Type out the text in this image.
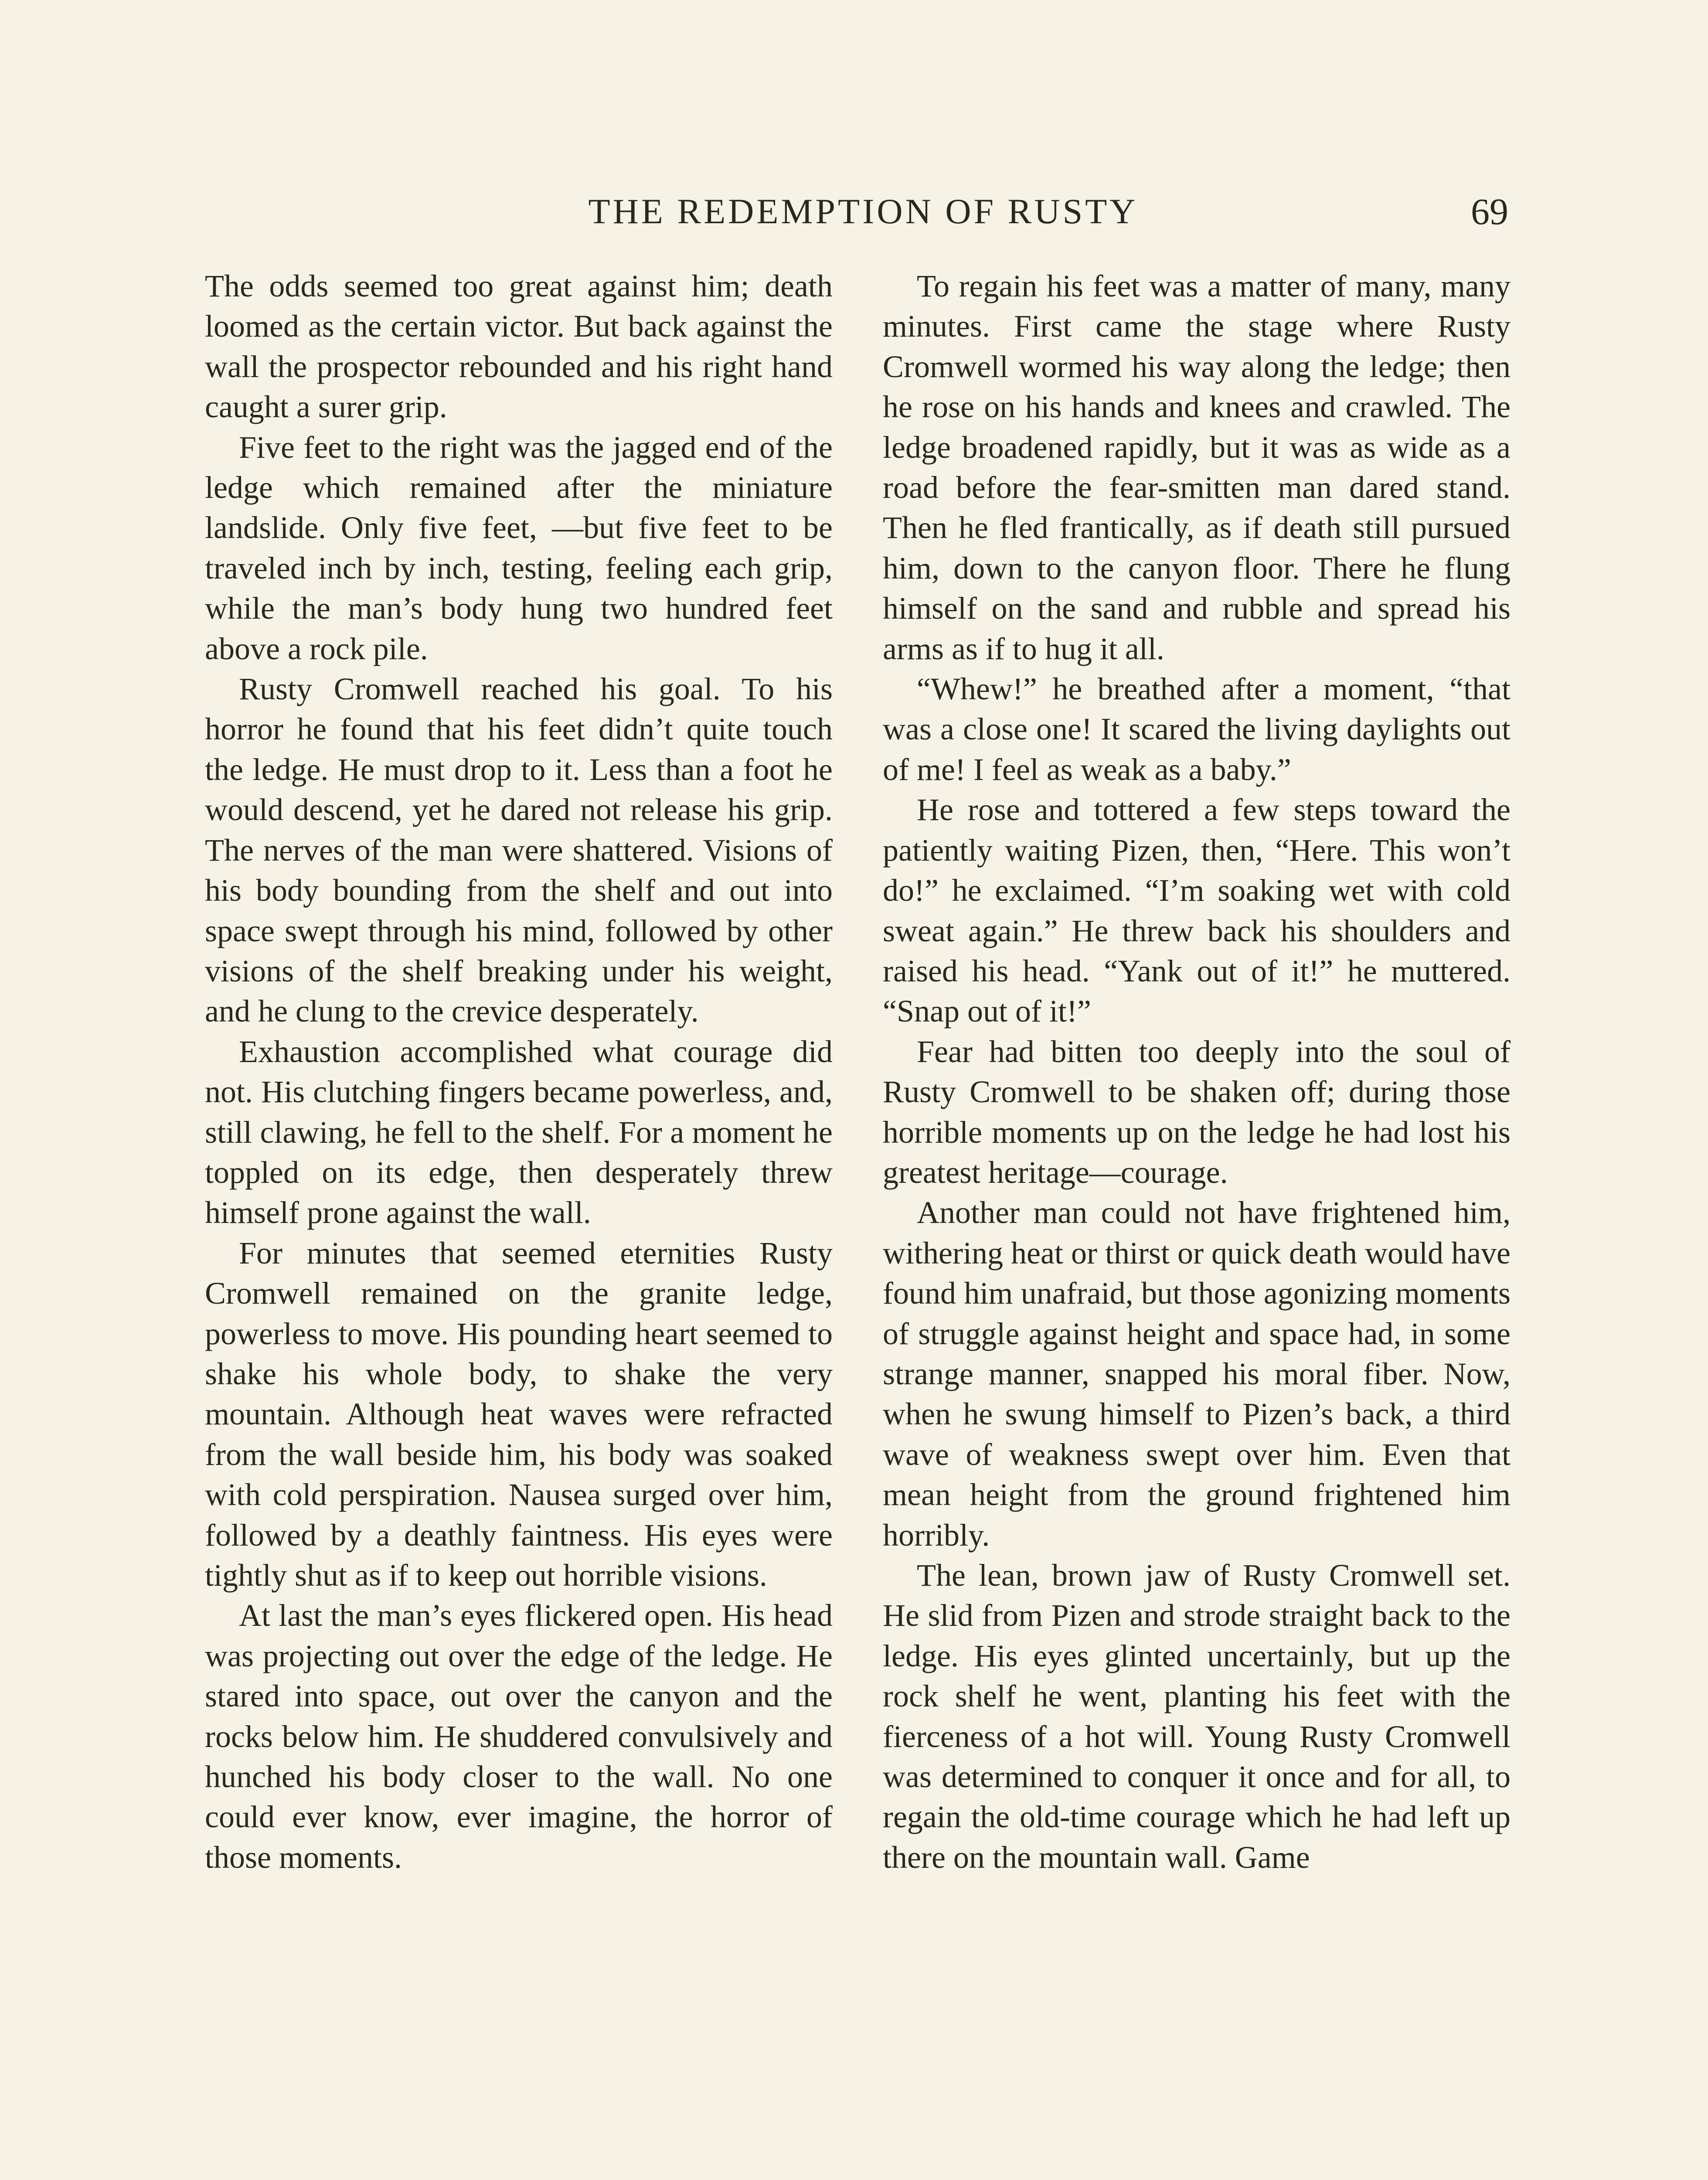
THE REDEMPTION OF RUSTY	69

The odds seemed too great against him; death loomed as the certain victor. But back against the wall the prospector rebounded and his right hand caught a surer grip.

Five feet to the right was the jagged end of the ledge which remained after the miniature landslide. Only five feet, —but five feet to be traveled inch by inch, testing, feeling each grip, while the man’s body hung two hundred feet above a rock pile.

Rusty Cromwell reached his goal. To his horror he found that his feet didn’t quite touch the ledge. He must drop to it. Less than a foot he would descend, yet he dared not release his grip. The nerves of the man were shattered. Visions of his body bounding from the shelf and out into space swept through his mind, followed by other visions of the shelf breaking under his weight, and he clung to the crevice desperately.

Exhaustion accomplished what courage did not. His clutching fingers became powerless, and, still clawing, he fell to the shelf. For a moment he toppled on its edge, then desperately threw himself prone against the wall.

For minutes that seemed eternities Rusty Cromwell remained on the granite ledge, powerless to move. His pounding heart seemed to shake his whole body, to shake the very mountain. Although heat waves were refracted from the wall beside him, his body was soaked with cold perspiration. Nausea surged over him, followed by a deathly faintness. His eyes were tightly shut as if to keep out horrible visions.

At last the man’s eyes flickered open. His head was projecting out over the edge of the ledge. He stared into space, out over the canyon and the rocks below him. He shuddered convulsively and hunched his body closer to the wall. No one could ever know, ever imagine, the horror of those moments.

To regain his feet was a matter of many, many minutes. First came the stage where Rusty Cromwell wormed his way along the ledge; then he rose on his hands and knees and crawled. The ledge broadened rapidly, but it was as wide as a road before the fear-smitten man dared stand. Then he fled frantically, as if death still pursued him, down to the canyon floor. There he flung himself on the sand and rubble and spread his arms as if to hug it all.

“Whew!” he breathed after a moment, “that was a close one! It scared the living daylights out of me! I feel as weak as a baby.”

He rose and tottered a few steps toward the patiently waiting Pizen, then, “Here. This won’t do!” he exclaimed. “I’m soaking wet with cold sweat again.” He threw back his shoulders and raised his head. “Yank out of it!” he muttered. “Snap out of it!”

Fear had bitten too deeply into the soul of Rusty Cromwell to be shaken off; during those horrible moments up on the ledge he had lost his greatest heritage—courage.

Another man could not have frightened him, withering heat or thirst or quick death would have found him unafraid, but those agonizing moments of struggle against height and space had, in some strange manner, snapped his moral fiber. Now, when he swung himself to Pizen’s back, a third wave of weakness swept over him. Even that mean height from the ground frightened him horribly.

The lean, brown jaw of Rusty Cromwell set. He slid from Pizen and strode straight back to the ledge. His eyes glinted uncertainly, but up the rock shelf he went, planting his feet with the fierceness of a hot will. Young Rusty Cromwell was determined to conquer it once and for all, to regain the old-time courage which he had left up there on the mountain wall. Game
